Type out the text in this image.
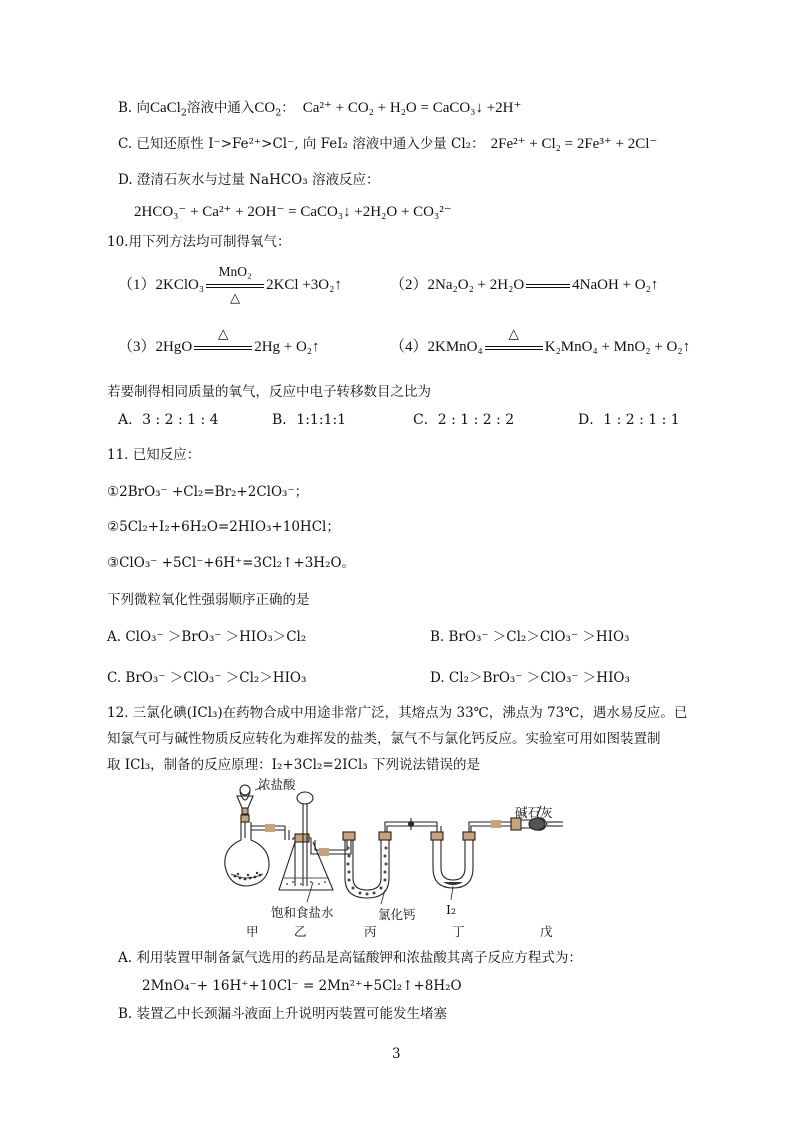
B. 向CaCl$_2$溶液中通入$CO_2$： Ca²⁺ + CO₂ + H₂O = CaCO₃↓ +2H⁺
C. 已知还原性 I⁻>Fe²⁺>Cl⁻, 向 FeI₂ 溶液中通入少量 Cl₂： 2Fe²⁺ + Cl₂ = 2Fe³⁺ + 2Cl⁻
D. 澄清石灰水与过量 NaHCO₃ 溶液反应：
2HCO₃⁻ + Ca²⁺ + 2OH⁻ = CaCO₃↓ +2H₂O + CO₃²⁻
10.用下列方法均可制得氧气：
（1）2KClO₃
MnO₂
△
2KCl +3O₂↑	（2）2Na₂O₂ + 2H₂O	4NaOH + O₂↑
（3）2HgO
△
2Hg + O₂↑	（4）2KMnO₄
△
K₂MnO₄ + MnO₂ + O₂↑
若要制得相同质量的氧气，反应中电子转移数目之比为
A．3 : 2 : 1 : 4	B．1:1:1:1	C．2 : 1 : 2 : 2	D．1 : 2 : 1 : 1
11. 已知反应：
①2BrO₃⁻ +Cl₂=Br₂+2ClO₃⁻；
②5Cl₂+I₂+6H₂O=2HIO₃+10HCl；
③ClO₃⁻ +5Cl⁻+6H⁺=3Cl₂↑+3H₂O。
下列微粒氧化性强弱顺序正确的是
A. ClO₃⁻ ＞BrO₃⁻ ＞HIO₃＞Cl₂	B. BrO₃⁻ ＞Cl₂＞ClO₃⁻ ＞HIO₃
C. BrO₃⁻ ＞ClO₃⁻ ＞Cl₂＞HIO₃	D. Cl₂＞BrO₃⁻ ＞ClO₃⁻ ＞HIO₃
12. 三氯化碘(ICl₃)在药物合成中用途非常广泛，其熔点为 33℃，沸点为 73℃，遇水易反应。已
知氯气可与碱性物质反应转化为难挥发的盐类，氯气不与氯化钙反应。实验室可用如图装置制
取 ICl₃，制备的反应原理：I₂+3Cl₂=2ICl₃ 下列说法错误的是
浓盐酸
碱石灰
饱和食盐水	氯化钙 I₂
甲	乙	丙	丁	戊
A. 利用装置甲制备氯气选用的药品是高锰酸钾和浓盐酸其离子反应方程式为：
2MnO₄⁻+ 16H⁺+10Cl⁻ = 2Mn²⁺+5Cl₂↑+8H₂O
B. 装置乙中长颈漏斗液面上升说明丙装置可能发生堵塞
3
